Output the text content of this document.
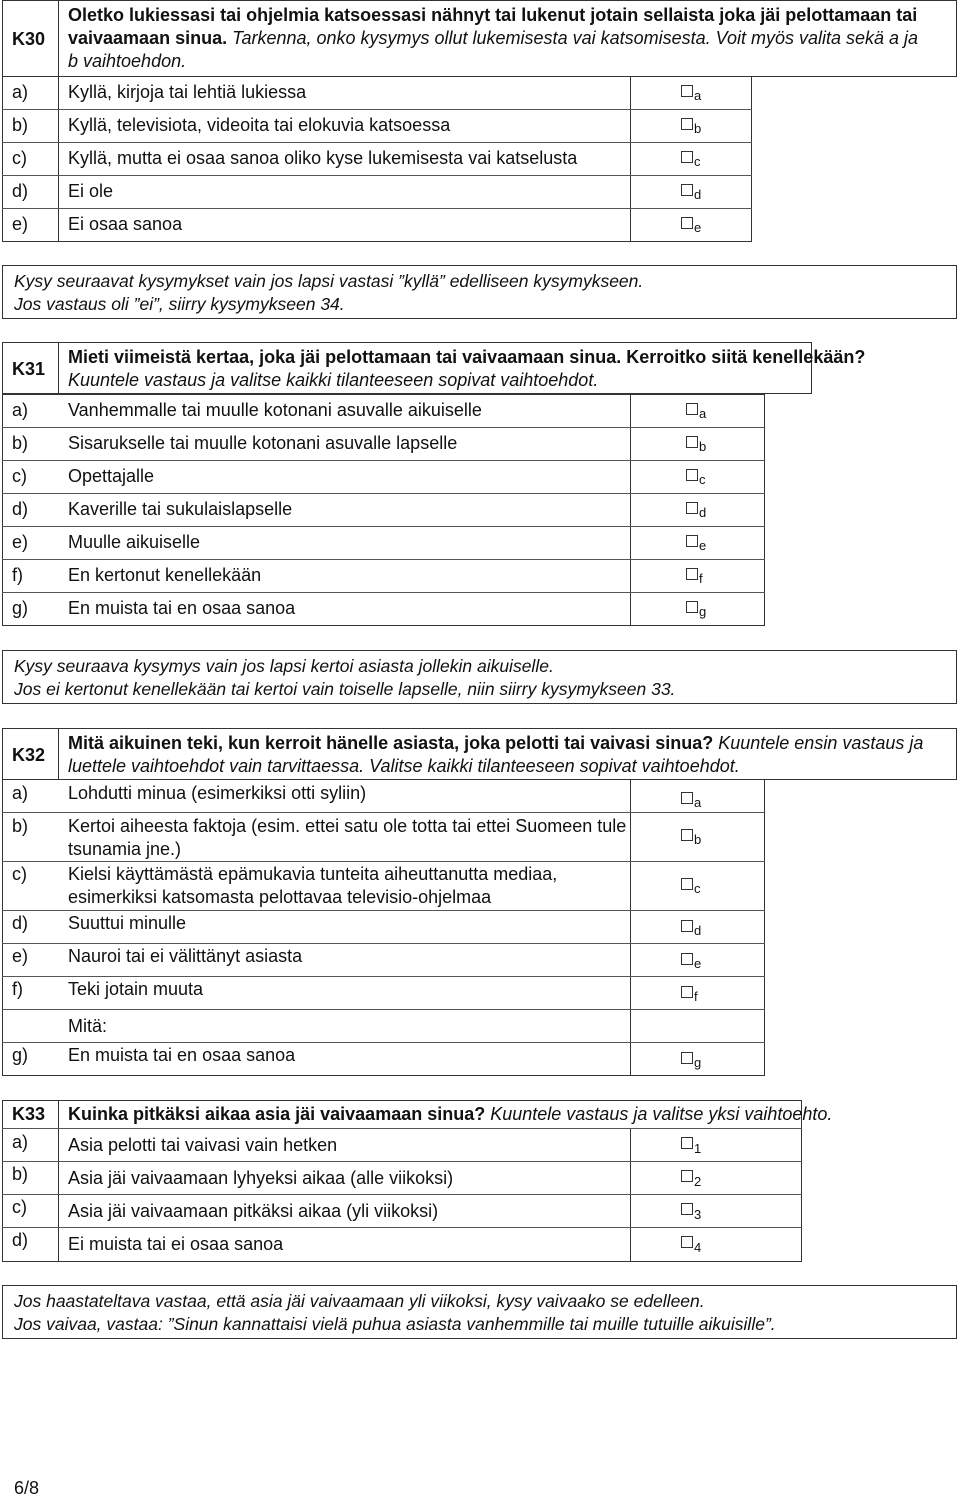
K30
Oletko lukiessasi tai ohjelmia katsoessasi nähnyt tai lukenut jotain sellaista joka jäi pelottamaan tai
vaivaamaan sinua. Tarkenna, onko kysymys ollut lukemisesta vai katsomisesta. Voit myös valita sekä a ja
b vaihtoehdon.
a) Kyllä, kirjoja tai lehtiä lukiessa	a
b) Kyllä, televisiota, videoita tai elokuvia katsoessa	b
c) Kyllä, mutta ei osaa sanoa oliko kyse lukemisesta vai katselusta	c
d) Ei ole	d
e) Ei osaa sanoa	e
Kysy seuraavat kysymykset vain jos lapsi vastasi ”kyllä” edelliseen kysymykseen.
Jos vastaus oli ”ei”, siirry kysymykseen 34.
K31
Mieti viimeistä kertaa, joka jäi pelottamaan tai vaivaamaan sinua. Kerroitko siitä kenellekään?
Kuuntele vastaus ja valitse kaikki tilanteeseen sopivat vaihtoehdot.
a) Vanhemmalle tai muulle kotonani asuvalle aikuiselle	a
b) Sisarukselle tai muulle kotonani asuvalle lapselle	b
c) Opettajalle	c
d) Kaverille tai sukulaislapselle	d
e) Muulle aikuiselle	e
f)	En kertonut kenellekään	f
g) En muista tai en osaa sanoa	g
Kysy seuraava kysymys vain jos lapsi kertoi asiasta jollekin aikuiselle.
Jos ei kertonut kenellekään tai kertoi vain toiselle lapselle, niin siirry kysymykseen 33.
K32
Mitä aikuinen teki, kun kerroit hänelle asiasta, joka pelotti tai vaivasi sinua? Kuuntele ensin vastaus ja
luettele vaihtoehdot vain tarvittaessa. Valitse kaikki tilanteeseen sopivat vaihtoehdot.
a) Lohdutti minua (esimerkiksi otti syliin)	a
b) Kertoi aiheesta faktoja (esim. ettei satu ole totta tai ettei Suomeen tule
tsunamia jne.)	b
c) Kielsi käyttämästä epämukavia tunteita aiheuttanutta mediaa,
esimerkiksi katsomasta pelottavaa televisio-ohjelmaa	c
d) Suuttui minulle	d
e) Nauroi tai ei välittänyt asiasta	e
f)	Teki jotain muuta	f
Mitä:
g) En muista tai en osaa sanoa	g
K33 Kuinka pitkäksi aikaa asia jäi vaivaamaan sinua? Kuuntele vastaus ja valitse yksi vaihtoehto.
a) Asia pelotti tai vaivasi vain hetken	1
b) Asia jäi vaivaamaan lyhyeksi aikaa (alle viikoksi)	2
c) Asia jäi vaivaamaan pitkäksi aikaa (yli viikoksi)	3
d) Ei muista tai ei osaa sanoa	4
Jos haastateltava vastaa, että asia jäi vaivaamaan yli viikoksi, kysy vaivaako se edelleen.
Jos vaivaa, vastaa: ”Sinun kannattaisi vielä puhua asiasta vanhemmille tai muille tutuille aikuisille”.
6/8
